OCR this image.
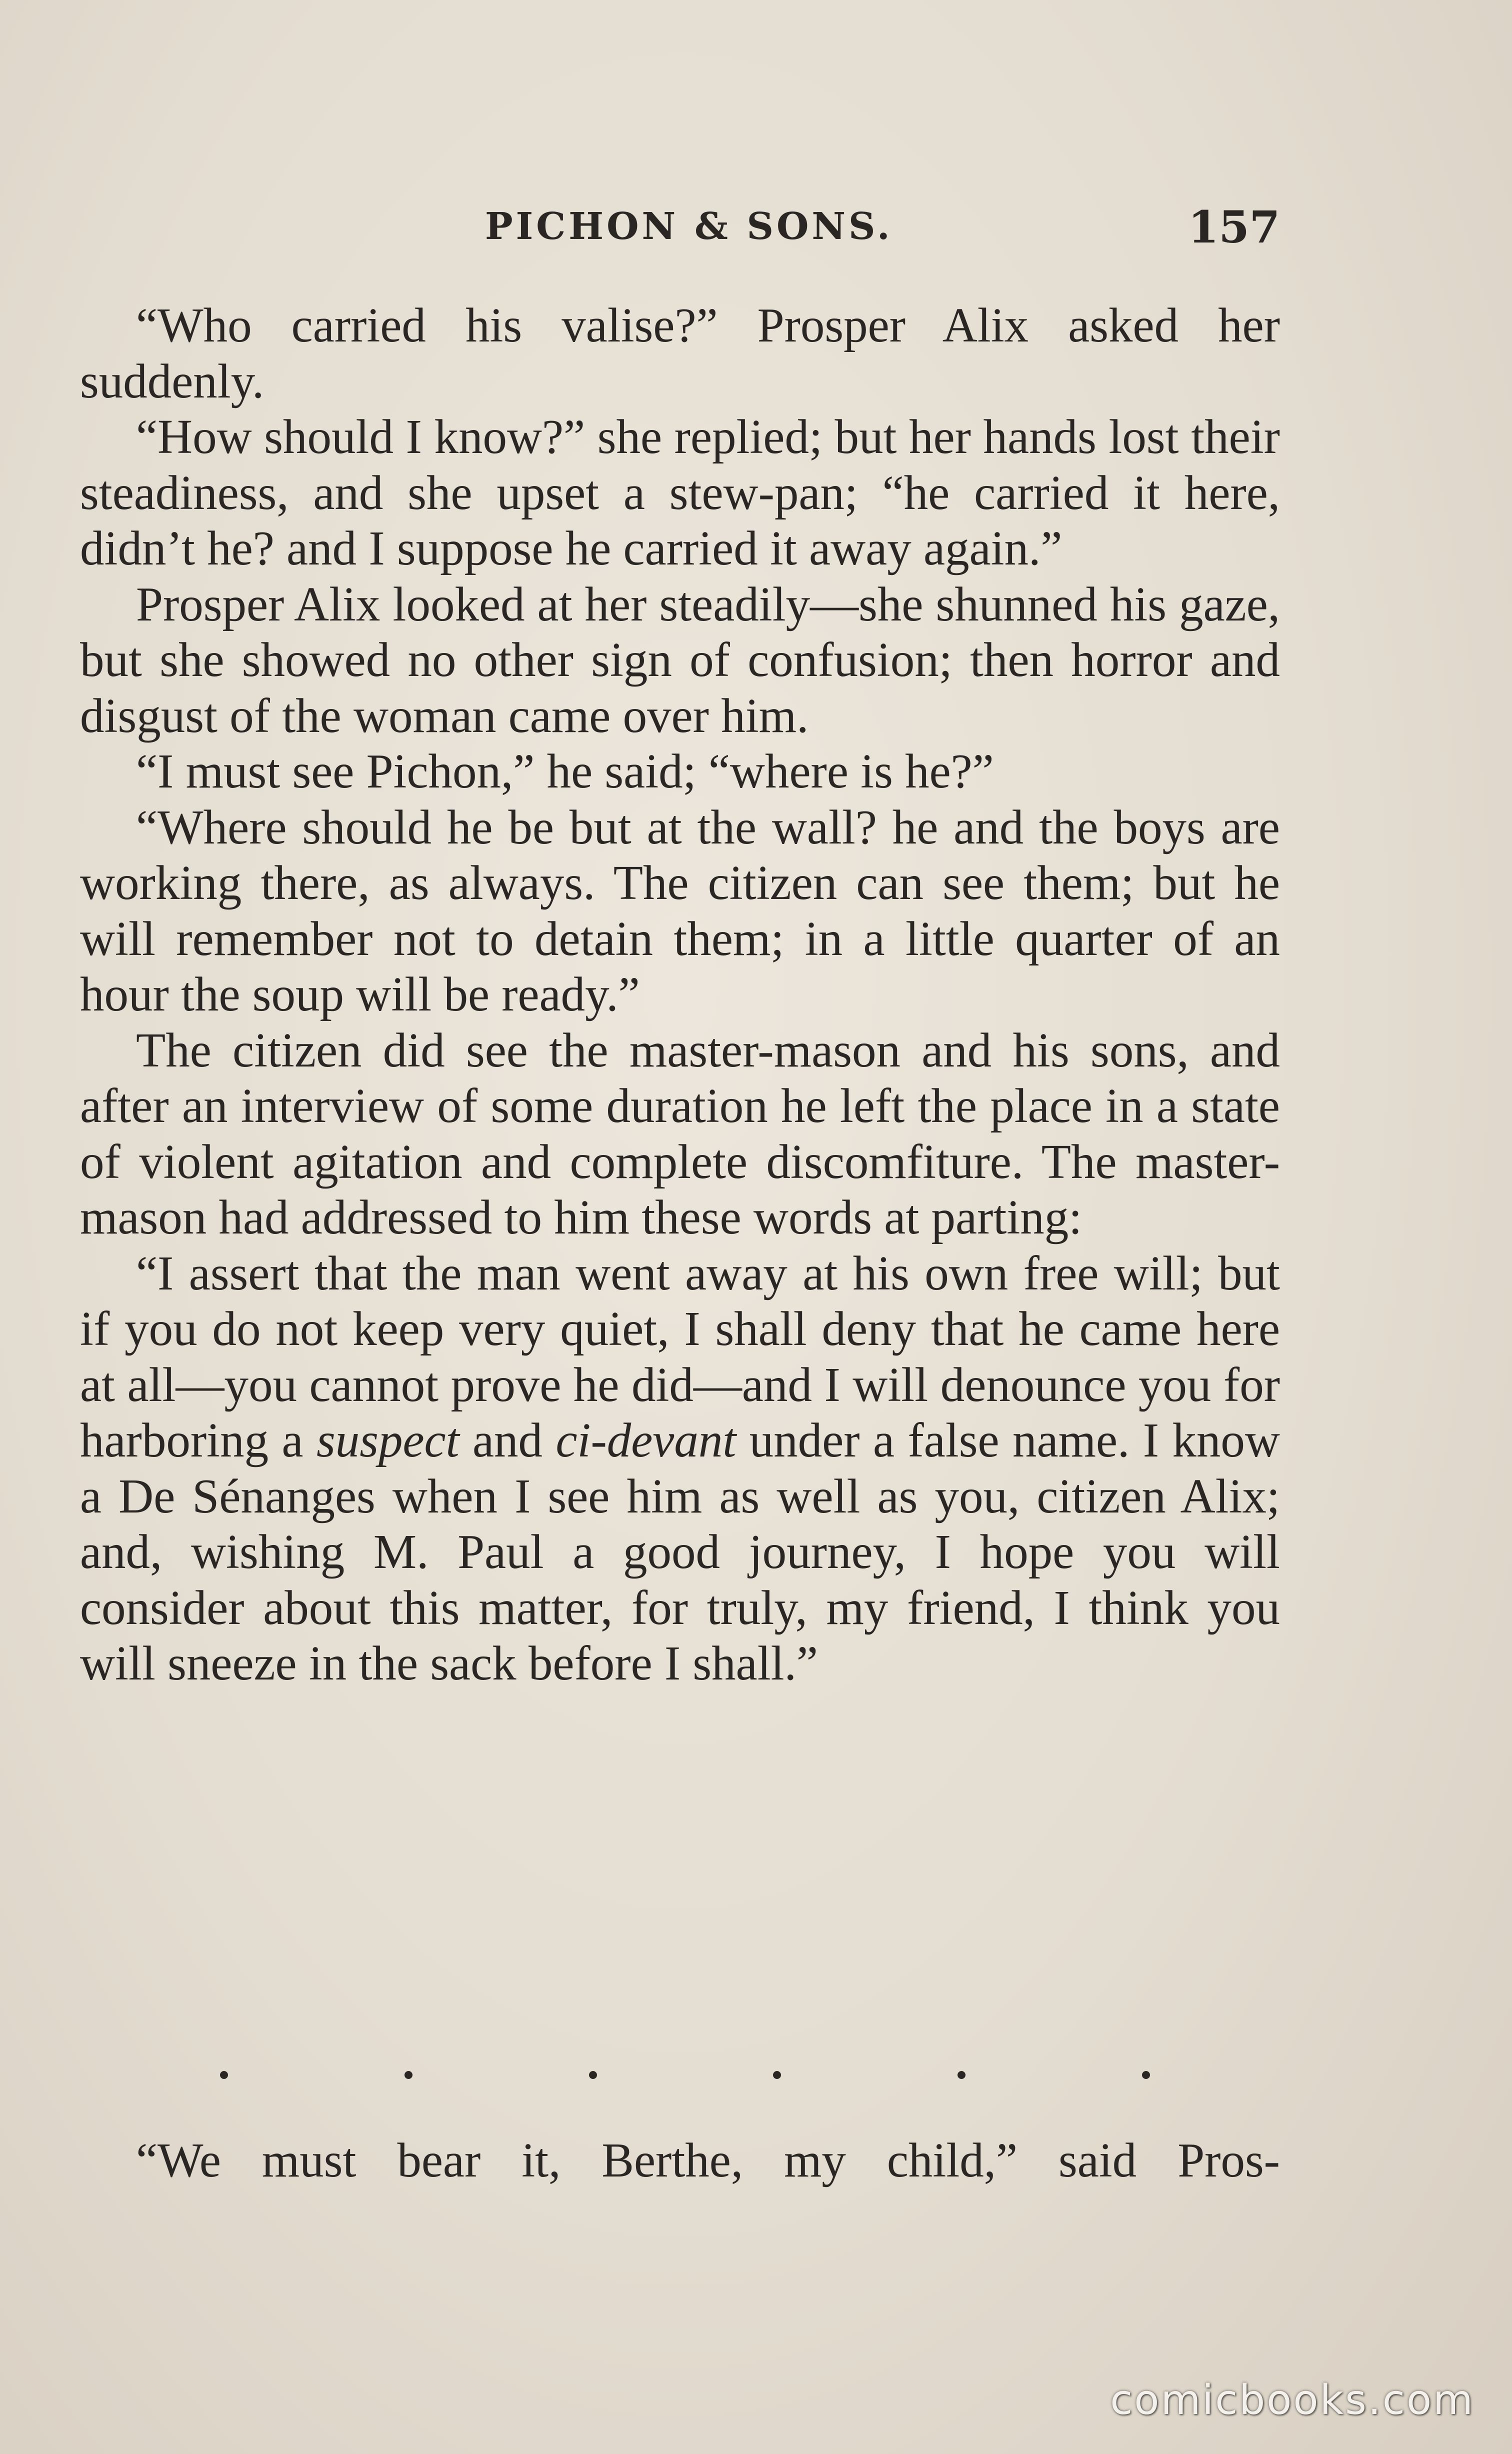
PICHON & SONS.	157

“Who carried his valise?” Prosper Alix asked her suddenly.

“How should I know?” she replied; but her hands lost their steadiness, and she upset a stew-pan; “he carried it here, didn’t he? and I suppose he carried it away again.”

Prosper Alix looked at her steadily—she shunned his gaze, but she showed no other sign of confusion; then horror and disgust of the woman came over him.

“I must see Pichon,” he said; “where is he?”

“Where should he be but at the wall? he and the boys are working there, as always. The citizen can see them; but he will remember not to detain them; in a little quarter of an hour the soup will be ready.”

The citizen did see the master-mason and his sons, and after an interview of some duration he left the place in a state of violent agitation and complete discomfiture. The master-mason had addressed to him these words at parting:

“I assert that the man went away at his own free will; but if you do not keep very quiet, I shall deny that he came here at all—you cannot prove he did—and I will denounce you for harboring a suspect and ci-devant under a false name. I know a De Sénanges when I see him as well as you, citizen Alix; and, wishing M. Paul a good journey, I hope you will consider about this matter, for truly, my friend, I think you will sneeze in the sack before I shall.”

“We must bear it, Berthe, my child,” said Pros-

comicbooks.com
